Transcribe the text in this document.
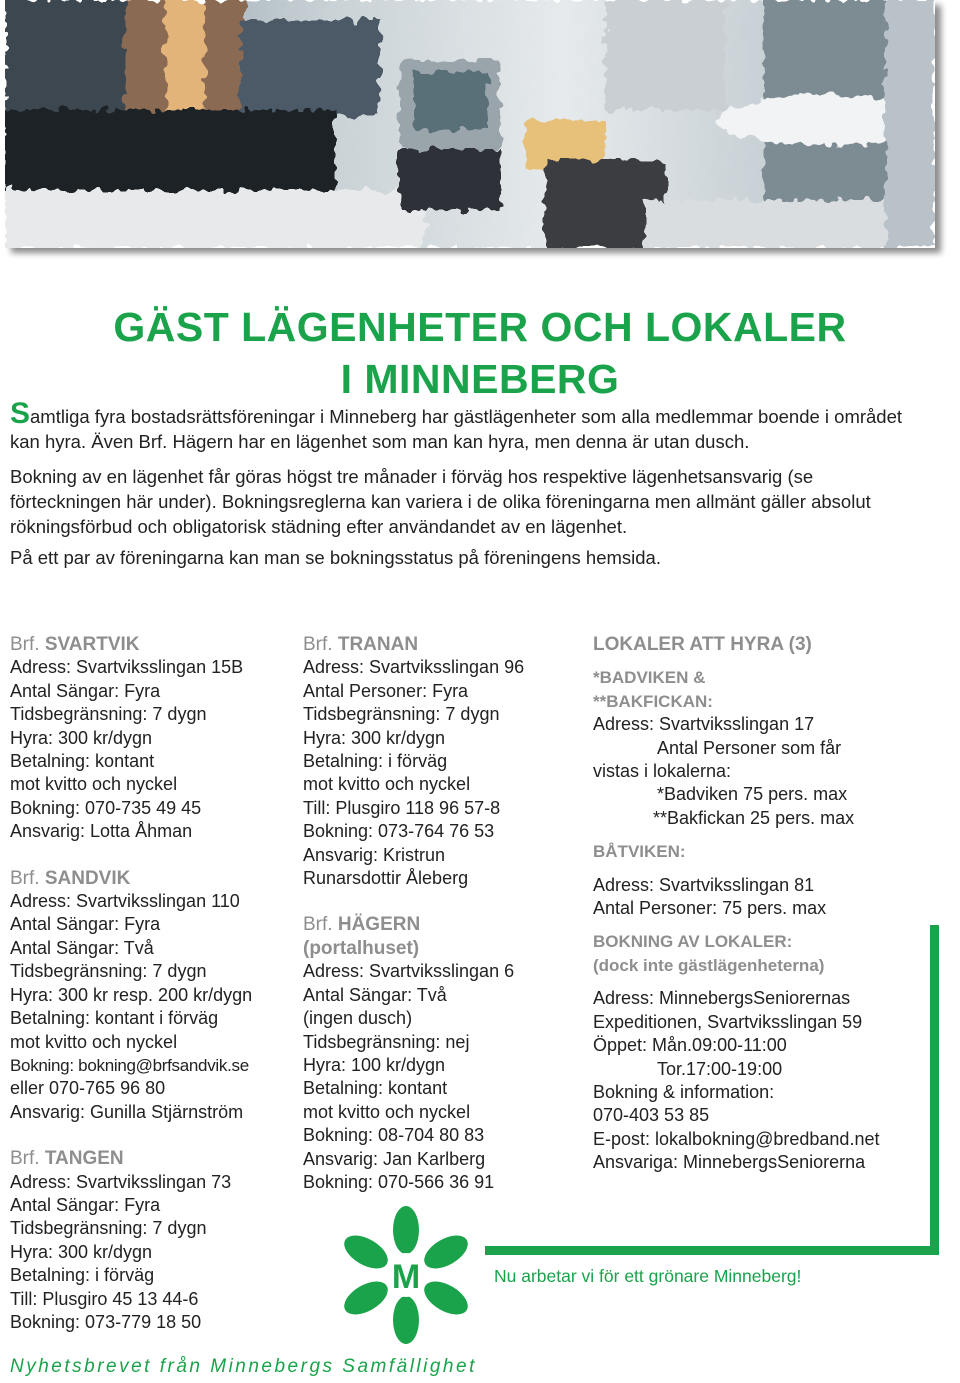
GÄST LÄGENHETER OCH LOKALER
I MINNEBERG

Samtliga fyra bostadsrättsföreningar i Minneberg har gästlägenheter som alla medlemmar boende i området kan hyra. Även Brf. Hägern har en lägenhet som man kan hyra, men denna är utan dusch.

Bokning av en lägenhet får göras högst tre månader i förväg hos respektive lägenhetsansvarig (se förteckningen här under). Bokningsreglerna kan variera i de olika föreningarna men allmänt gäller absolut rökningsförbud och obligatorisk städning efter användandet av en lägenhet.

På ett par av föreningarna kan man se bokningsstatus på föreningens hemsida.

Brf. SVARTVIK
Adress: Svartviksslingan 15B
Antal Sängar: Fyra
Tidsbegränsning: 7 dygn
Hyra: 300 kr/dygn
Betalning: kontant
mot kvitto och nyckel
Bokning: 070-735 49 45
Ansvarig: Lotta Åhman
Brf. SANDVIK
Adress: Svartviksslingan 110
Antal Sängar: Fyra
Antal Sängar: Två
Tidsbegränsning: 7 dygn
Hyra: 300 kr resp. 200 kr/dygn
Betalning: kontant i förväg
mot kvitto och nyckel
Bokning: bokning@brfsandvik.se
eller 070-765 96 80
Ansvarig: Gunilla Stjärnström
Brf. TANGEN
Adress: Svartviksslingan 73
Antal Sängar: Fyra
Tidsbegränsning: 7 dygn
Hyra: 300 kr/dygn
Betalning: i förväg
Till: Plusgiro 45 13 44-6
Bokning: 073-779 18 50
Brf. TRANAN
Adress: Svartviksslingan 96
Antal Personer: Fyra
Tidsbegränsning: 7 dygn
Hyra: 300 kr/dygn
Betalning: i förväg
mot kvitto och nyckel
Till: Plusgiro 118 96 57-8
Bokning: 073-764 76 53
Ansvarig: Kristrun
Runarsdottir Åleberg
Brf. HÄGERN
(portalhuset)
Adress: Svartviksslingan 6
Antal Sängar: Två
(ingen dusch)
Tidsbegränsning: nej
Hyra: 100 kr/dygn
Betalning: kontant
mot kvitto och nyckel
Bokning: 08-704 80 83
Ansvarig: Jan Karlberg
Bokning: 070-566 36 91
LOKALER ATT HYRA (3)
*BADVIKEN &
**BAKFICKAN:
Adress: Svartviksslingan 17
Antal Personer som får
vistas i lokalerna:
*Badviken 75 pers. max
**Bakfickan 25 pers. max
BÅTVIKEN:
Adress: Svartviksslingan 81
Antal Personer: 75 pers. max
BOKNING AV LOKALER:
(dock inte gästlägenheterna)
Adress: MinnebergsSeniorernas
Expeditionen, Svartviksslingan 59
Öppet: Mån.09:00-11:00
Tor.17:00-19:00
Bokning & information:
070-403 53 85
E-post: lokalbokning@bredband.net
Ansvariga: MinnebergsSeniorerna
M	Nu arbetar vi för ett grönare Minneberg!
Nyhetsbrevet från Minnebergs Samfällighet
